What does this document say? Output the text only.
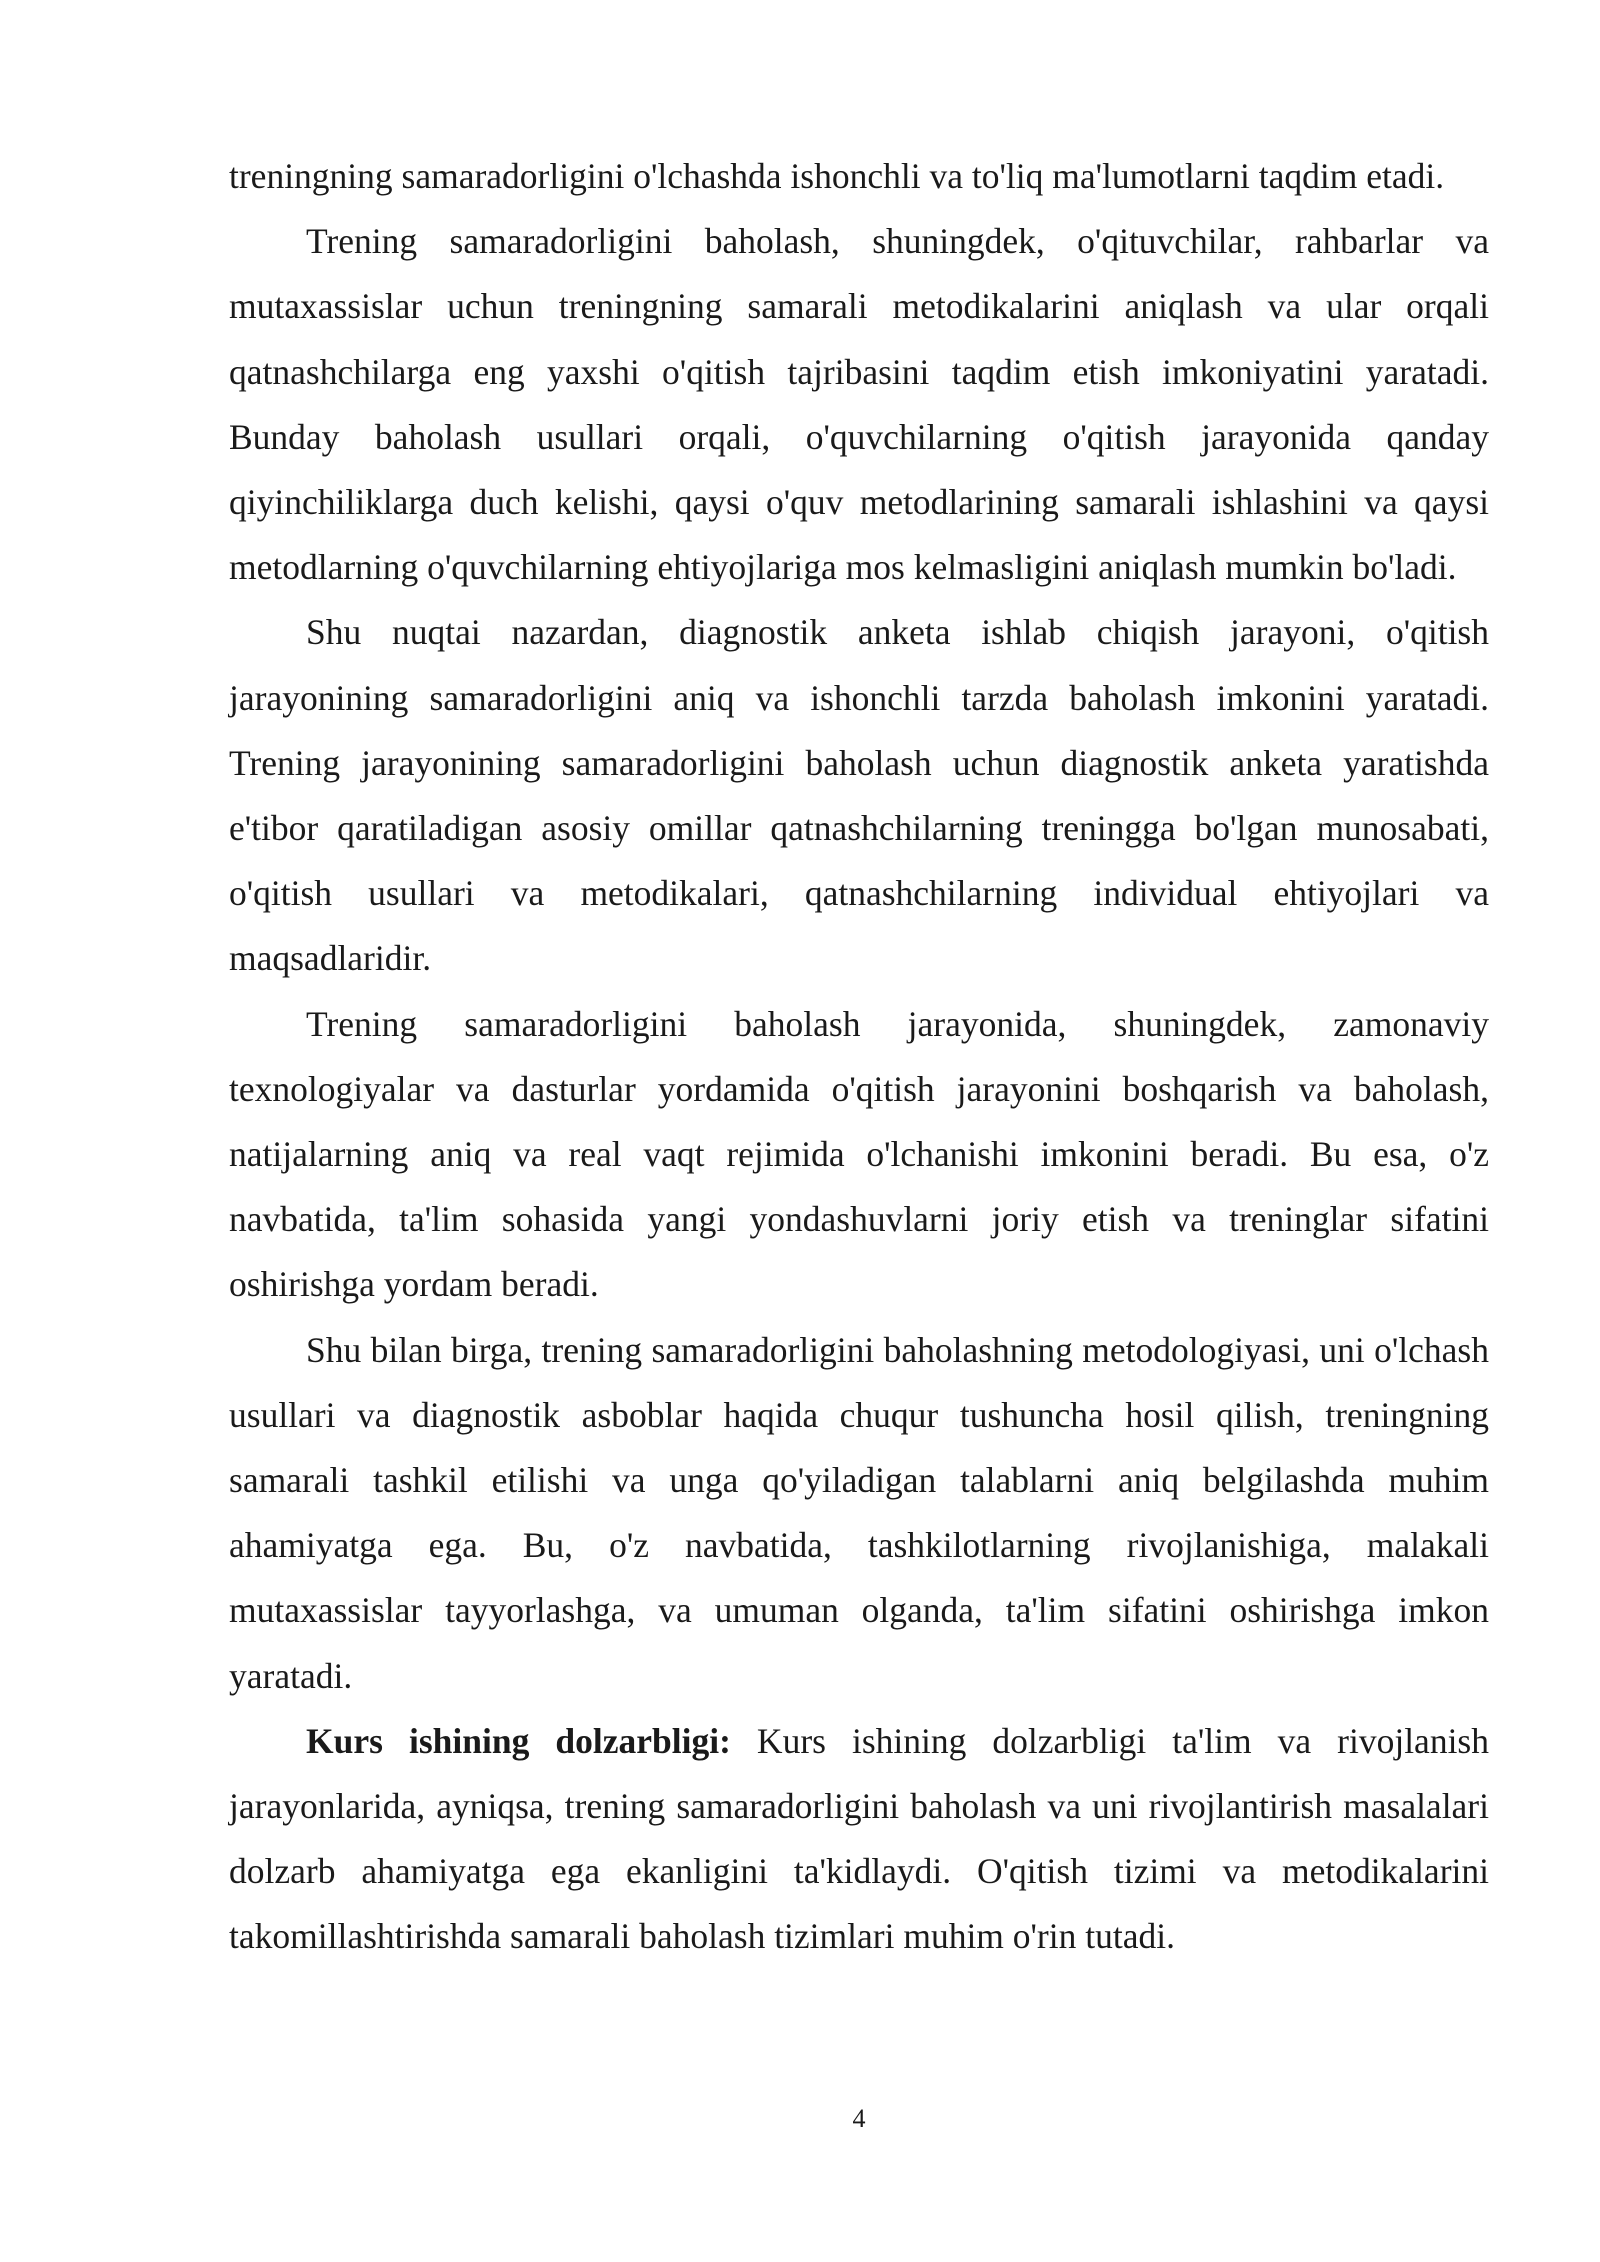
treningning samaradorligini o'lchashda ishonchli va to'liq ma'lumotlarni taqdim etadi.

Trening samaradorligini baholash, shuningdek, o'qituvchilar, rahbarlar va mutaxassislar uchun treningning samarali metodikalarini aniqlash va ular orqali qatnashchilarga eng yaxshi o'qitish tajribasini taqdim etish imkoniyatini yaratadi. Bunday baholash usullari orqali, o'quvchilarning o'qitish jarayonida qanday qiyinchiliklarga duch kelishi, qaysi o'quv metodlarining samarali ishlashini va qaysi metodlarning o'quvchilarning ehtiyojlariga mos kelmasligini aniqlash mumkin bo'ladi.

Shu nuqtai nazardan, diagnostik anketa ishlab chiqish jarayoni, o'qitish jarayonining samaradorligini aniq va ishonchli tarzda baholash imkonini yaratadi. Trening jarayonining samaradorligini baholash uchun diagnostik anketa yaratishda e'tibor qaratiladigan asosiy omillar qatnashchilarning treningga bo'lgan munosabati, o'qitish usullari va metodikalari, qatnashchilarning individual ehtiyojlari va maqsadlaridir.

Trening samaradorligini baholash jarayonida, shuningdek, zamonaviy texnologiyalar va dasturlar yordamida o'qitish jarayonini boshqarish va baholash, natijalarning aniq va real vaqt rejimida o'lchanishi imkonini beradi. Bu esa, o'z navbatida, ta'lim sohasida yangi yondashuvlarni joriy etish va treninglar sifatini oshirishga yordam beradi.

Shu bilan birga, trening samaradorligini baholashning metodologiyasi, uni o'lchash usullari va diagnostik asboblar haqida chuqur tushuncha hosil qilish, treningning samarali tashkil etilishi va unga qo'yiladigan talablarni aniq belgilashda muhim ahamiyatga ega. Bu, o'z navbatida, tashkilotlarning rivojlanishiga, malakali mutaxassislar tayyorlashga, va umuman olganda, ta'lim sifatini oshirishga imkon yaratadi.

Kurs ishining dolzarbligi: Kurs ishining dolzarbligi ta'lim va rivojlanish jarayonlarida, ayniqsa, trening samaradorligini baholash va uni rivojlantirish masalalari dolzarb ahamiyatga ega ekanligini ta'kidlaydi. O'qitish tizimi va metodikalarini takomillashtirishda samarali baholash tizimlari muhim o'rin tutadi.

4
